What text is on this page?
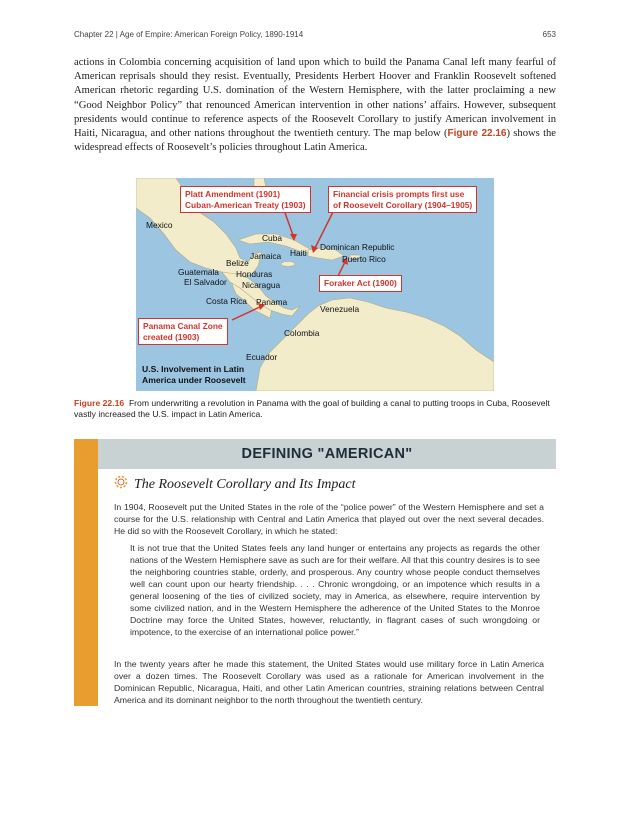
Chapter 22 | Age of Empire: American Foreign Policy, 1890-1914	653
actions in Colombia concerning acquisition of land upon which to build the Panama Canal left many fearful of American reprisals should they resist. Eventually, Presidents Herbert Hoover and Franklin Roosevelt softened American rhetoric regarding U.S. domination of the Western Hemisphere, with the latter proclaiming a new “Good Neighbor Policy” that renounced American intervention in other nations’ affairs. However, subsequent presidents would continue to reference aspects of the Roosevelt Corollary to justify American involvement in Haiti, Nicaragua, and other nations throughout the twentieth century. The map below (Figure 22.16) shows the widespread effects of Roosevelt’s policies throughout Latin America.
Platt Amendment (1901)
Cuban-American Treaty (1903)
Financial crisis prompts first use
of Roosevelt Corollary (1904–1905)
Foraker Act (1900)
Panama Canal Zone
created (1903)
Mexico
Cuba
Haiti
Jamaica
Belize
Dominican Republic
Puerto Rico
Guatemala Honduras
El Salvador Nicaragua
Costa Rica Panama
Venezuela
Colombia
Ecuador
U.S. Involvement in Latin
America under Roosevelt
Figure 22.16 From underwriting a revolution in Panama with the goal of building a canal to putting troops in Cuba, Roosevelt vastly increased the U.S. impact in Latin America.
DEFINING "AMERICAN"
The Roosevelt Corollary and Its Impact
In 1904, Roosevelt put the United States in the role of the “police power” of the Western Hemisphere and set a course for the U.S. relationship with Central and Latin America that played out over the next several decades. He did so with the Roosevelt Corollary, in which he stated:
It is not true that the United States feels any land hunger or entertains any projects as regards the other nations of the Western Hemisphere save as such are for their welfare. All that this country desires is to see the neighboring countries stable, orderly, and prosperous. Any country whose people conduct themselves well can count upon our hearty friendship. . . . Chronic wrongdoing, or an impotence which results in a general loosening of the ties of civilized society, may in America, as elsewhere, require intervention by some civilized nation, and in the Western Hemisphere the adherence of the United States to the Monroe Doctrine may force the United States, however, reluctantly, in flagrant cases of such wrongdoing or impotence, to the exercise of an international police power.”
In the twenty years after he made this statement, the United States would use military force in Latin America over a dozen times. The Roosevelt Corollary was used as a rationale for American involvement in the Dominican Republic, Nicaragua, Haiti, and other Latin American countries, straining relations between Central America and its dominant neighbor to the north throughout the twentieth century.
